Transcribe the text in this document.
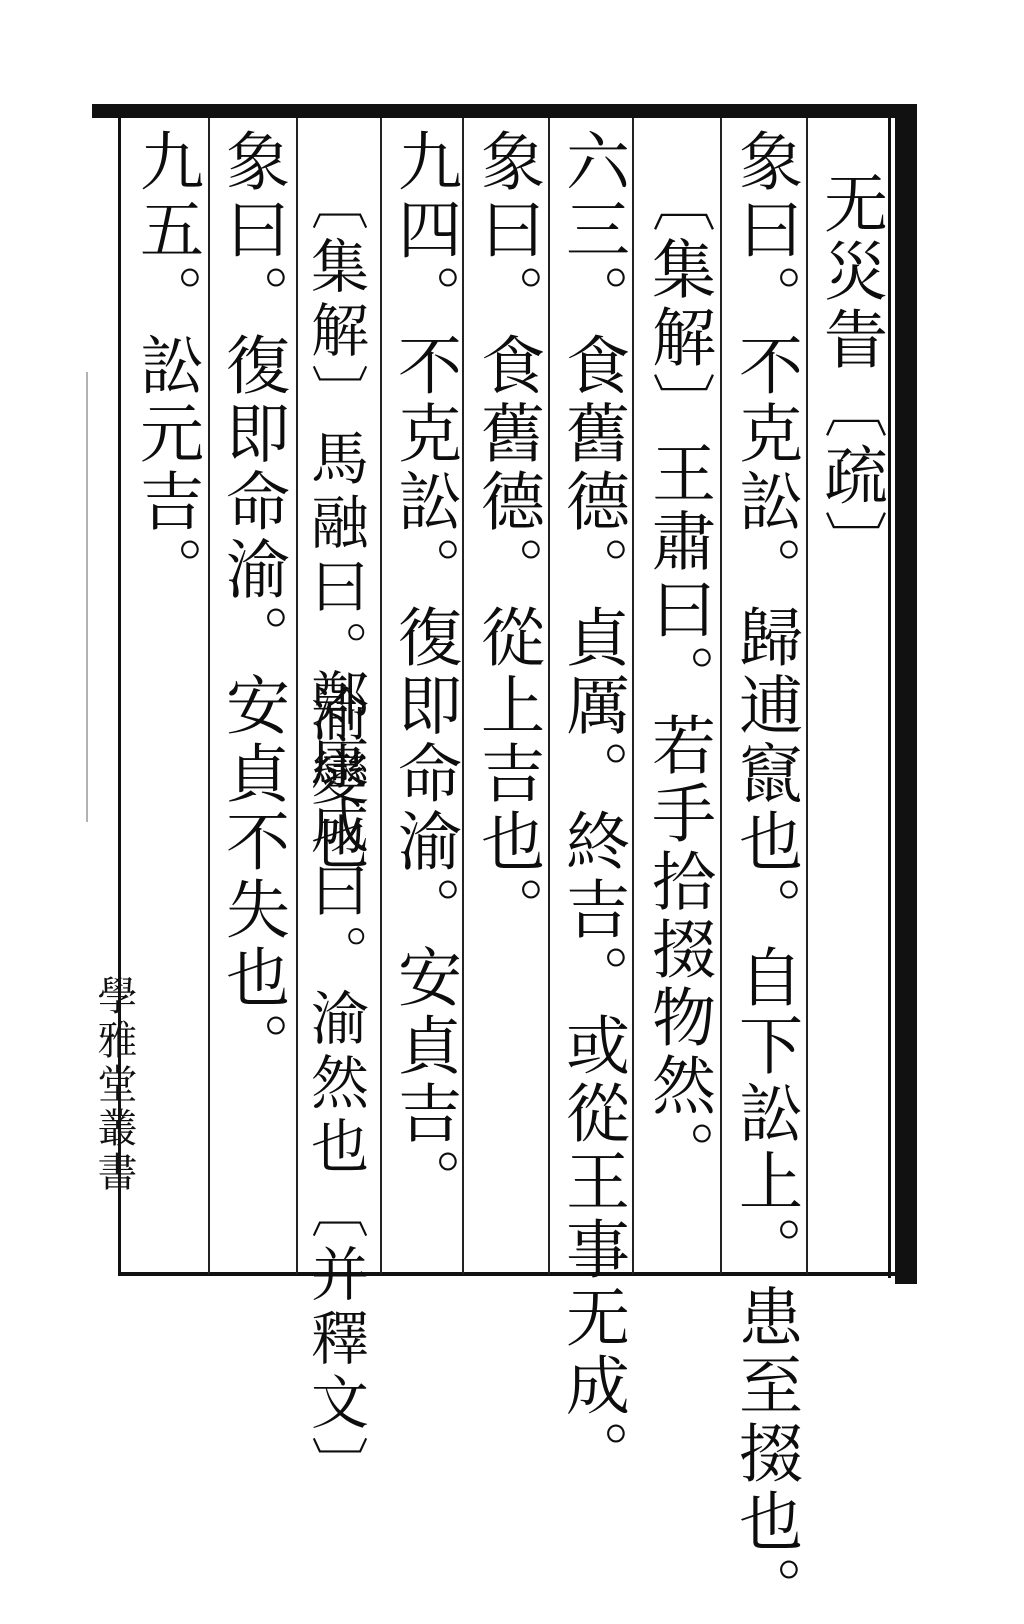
无災眚〔疏〕
象曰。不克訟。歸逋竄也。自下訟上。患至掇也。
〔集解〕王肅曰。若手拾掇物然。
六三。食舊德。貞厲。終吉。或從王事无成。
象曰。食舊德。從上吉也。
九四。不克訟。復即命渝。安貞吉。
〔集解〕馬融曰。渝變也
鄭康成曰。渝然也〔并釋文〕
象曰。復即命渝。安貞不失也。
九五。訟元吉。
學雅堂叢書
